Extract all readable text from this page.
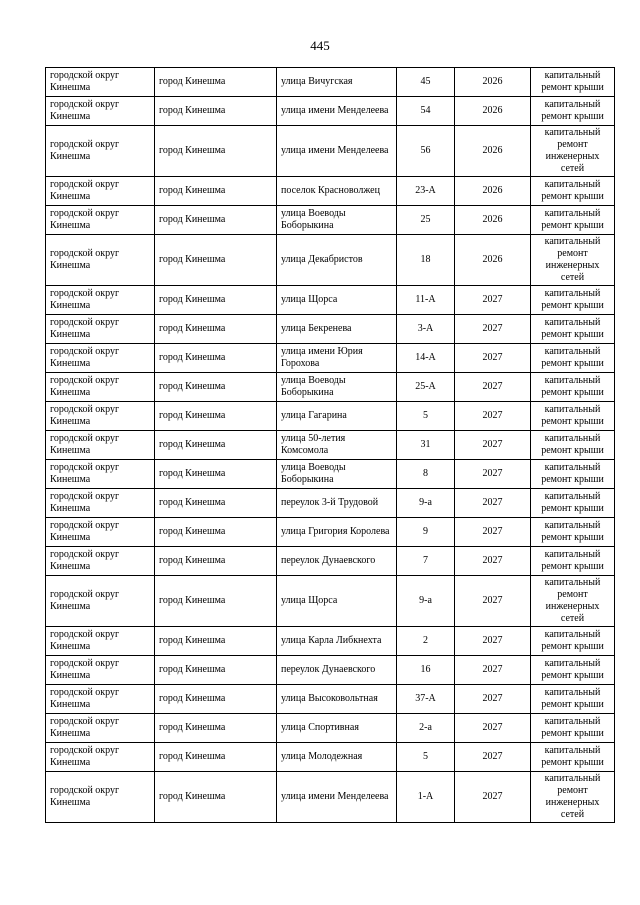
445
городской округ Кинешма	город Кинешма	улица Вичугская	45	2026	капитальный ремонт крыши
городской округ Кинешма	город Кинешма	улица имени Менделеева	54	2026	капитальный ремонт крыши
городской округ Кинешма	город Кинешма	улица имени Менделеева	56	2026	капитальный ремонт инженерных сетей
городской округ Кинешма	город Кинешма	поселок Красноволжец	23-А	2026	капитальный ремонт крыши
городской округ Кинешма	город Кинешма	улица Воеводы Боборыкина	25	2026	капитальный ремонт крыши
городской округ Кинешма	город Кинешма	улица Декабристов	18	2026	капитальный ремонт инженерных сетей
городской округ Кинешма	город Кинешма	улица Щорса	11-А	2027	капитальный ремонт крыши
городской округ Кинешма	город Кинешма	улица Бекренева	3-А	2027	капитальный ремонт крыши
городской округ Кинешма	город Кинешма	улица имени Юрия Горохова	14-А	2027	капитальный ремонт крыши
городской округ Кинешма	город Кинешма	улица Воеводы Боборыкина	25-А	2027	капитальный ремонт крыши
городской округ Кинешма	город Кинешма	улица Гагарина	5	2027	капитальный ремонт крыши
городской округ Кинешма	город Кинешма	улица 50-летия Комсомола	31	2027	капитальный ремонт крыши
городской округ Кинешма	город Кинешма	улица Воеводы Боборыкина	8	2027	капитальный ремонт крыши
городской округ Кинешма	город Кинешма	переулок 3-й Трудовой	9-а	2027	капитальный ремонт крыши
городской округ Кинешма	город Кинешма	улица Григория Королева	9	2027	капитальный ремонт крыши
городской округ Кинешма	город Кинешма	переулок Дунаевского	7	2027	капитальный ремонт крыши
городской округ Кинешма	город Кинешма	улица Щорса	9-а	2027	капитальный ремонт инженерных сетей
городской округ Кинешма	город Кинешма	улица Карла Либкнехта	2	2027	капитальный ремонт крыши
городской округ Кинешма	город Кинешма	переулок Дунаевского	16	2027	капитальный ремонт крыши
городской округ Кинешма	город Кинешма	улица Высоковольтная	37-А	2027	капитальный ремонт крыши
городской округ Кинешма	город Кинешма	улица Спортивная	2-а	2027	капитальный ремонт крыши
городской округ Кинешма	город Кинешма	улица Молодежная	5	2027	капитальный ремонт крыши
городской округ Кинешма	город Кинешма	улица имени Менделеева	1-А	2027	капитальный ремонт инженерных сетей
